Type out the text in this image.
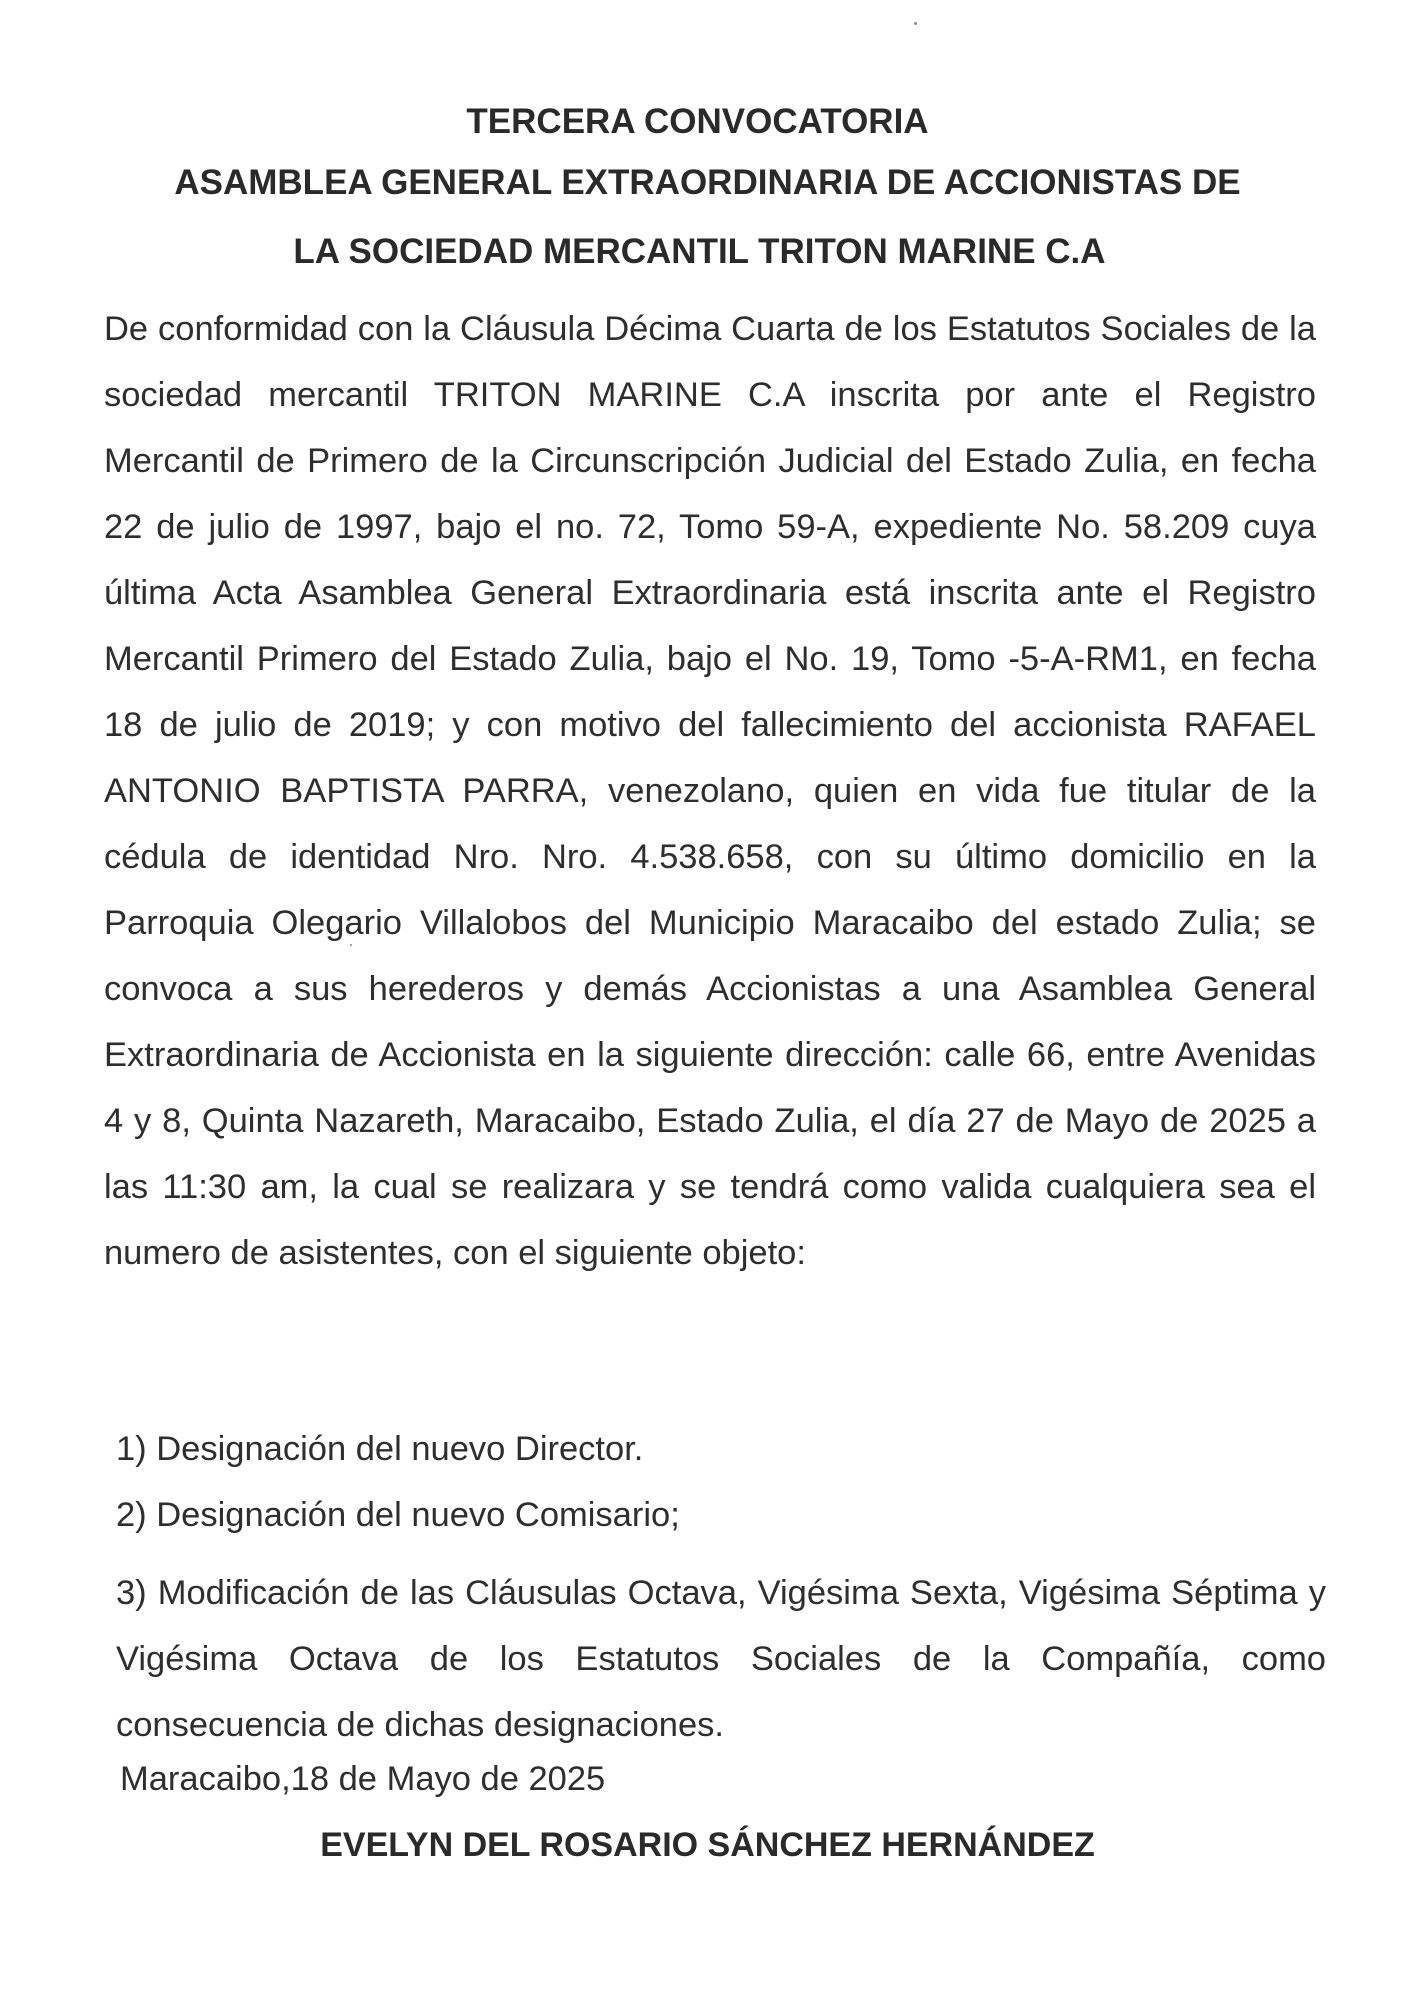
TERCERA CONVOCATORIA
ASAMBLEA GENERAL EXTRAORDINARIA DE ACCIONISTAS DE
LA SOCIEDAD MERCANTIL TRITON MARINE C.A

De conformidad con la Cláusula Décima Cuarta de los Estatutos Sociales de la sociedad mercantil TRITON MARINE C.A inscrita por ante el Registro Mercantil de Primero de la Circunscripción Judicial del Estado Zulia, en fecha 22 de julio de 1997, bajo el no. 72, Tomo 59-A, expediente No. 58.209 cuya última Acta Asamblea General Extraordinaria está inscrita ante el Registro Mercantil Primero del Estado Zulia, bajo el No. 19, Tomo -5-A-RM1, en fecha 18 de julio de 2019; y con motivo del fallecimiento del accionista RAFAEL ANTONIO BAPTISTA PARRA, venezolano, quien en vida fue titular de la cédula de identidad Nro. Nro. 4.538.658, con su último domicilio en la Parroquia Olegario Villalobos del Municipio Maracaibo del estado Zulia; se convoca a sus herederos y demás Accionistas a una Asamblea General Extraordinaria de Accionista en la siguiente dirección: calle 66, entre Avenidas 4 y 8, Quinta Nazareth, Maracaibo, Estado Zulia, el día 27 de Mayo de 2025 a las 11:30 am, la cual se realizara y se tendrá como valida cualquiera sea el numero de asistentes, con el siguiente objeto:

1) Designación del nuevo Director.

2) Designación del nuevo Comisario;

3) Modificación de las Cláusulas Octava, Vigésima Sexta, Vigésima Séptima y Vigésima Octava de los Estatutos Sociales de la Compañía, como consecuencia de dichas designaciones.

Maracaibo,18 de Mayo de 2025
EVELYN DEL ROSARIO SÁNCHEZ HERNÁNDEZ
